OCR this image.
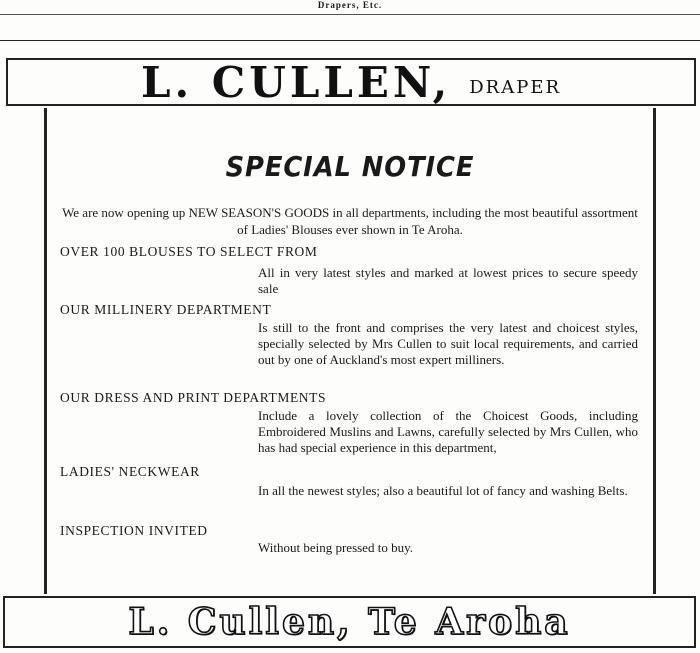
Drapers, Etc.
L. CULLEN, DRAPER
SPECIAL NOTICE
We are now opening up NEW SEASON'S GOODS in all departments, including the most beautiful assortment of Ladies' Blouses ever shown in Te Aroha.
OVER 100 BLOUSES TO SELECT FROM
All in very latest styles and marked at lowest prices to secure speedy sale
OUR MILLINERY DEPARTMENT
Is still to the front and comprises the very latest and choicest styles, specially selected by Mrs Cullen to suit local requirements, and carried out by one of Auckland's most expert milliners.
OUR DRESS AND PRINT DEPARTMENTS
Include a lovely collection of the Choicest Goods, including Embroidered Muslins and Lawns, carefully selected by Mrs Cullen, who has had special experience in this department,
LADIES' NECKWEAR
In all the newest styles; also a beautiful lot of fancy and washing Belts.
INSPECTION INVITED
Without being pressed to buy.
L. Cullen, Te Aroha
